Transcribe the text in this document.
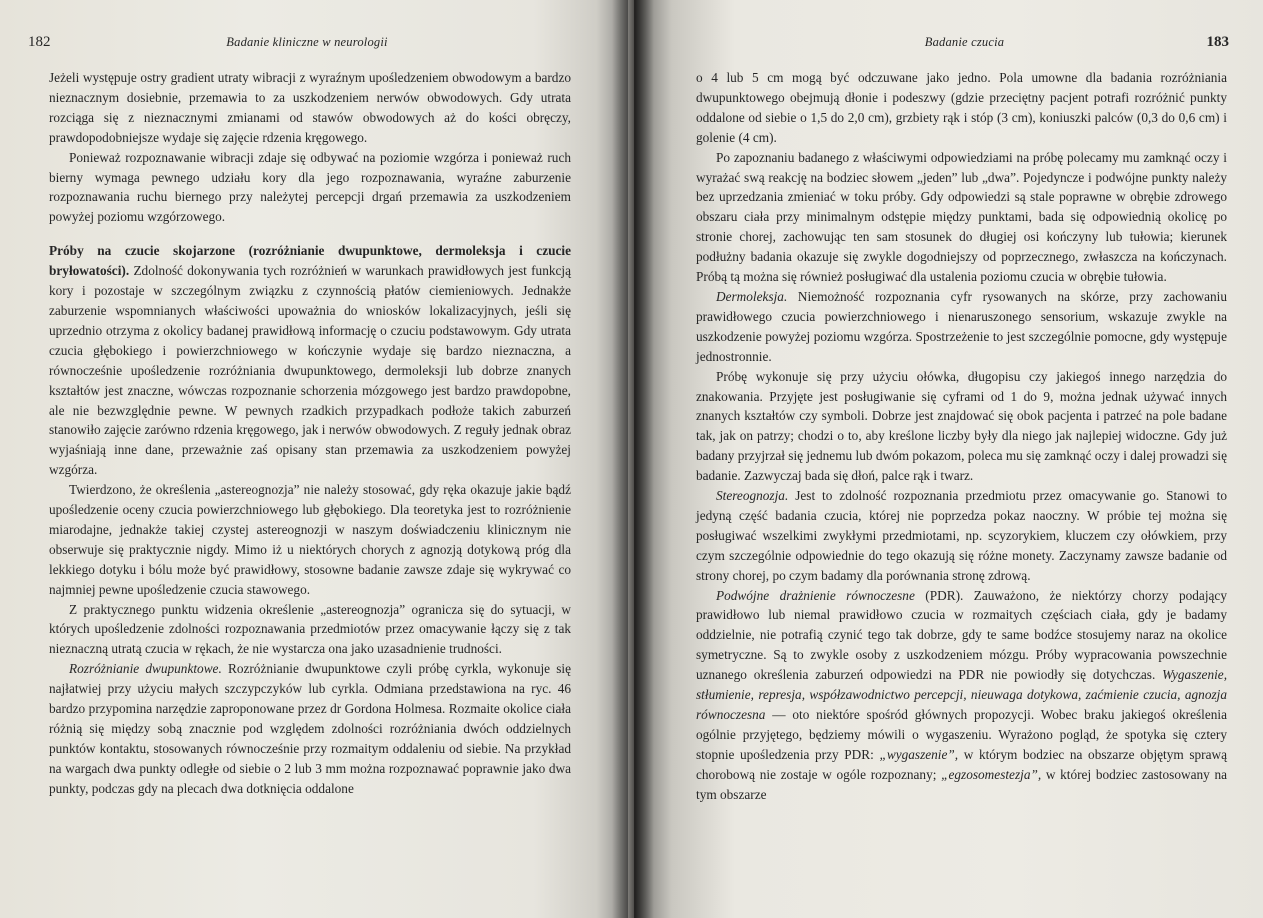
182	Badanie kliniczne w neurologii

Jeżeli występuje ostry gradient utraty wibracji z wyraźnym upośledzeniem obwodowym a bardzo nieznacznym dosiebnie, przemawia to za uszkodzeniem nerwów obwodowych. Gdy utrata rozciąga się z nieznacznymi zmianami od stawów obwodowych aż do kości obręczy, prawdopodobniejsze wydaje się zajęcie rdzenia kręgowego.

Ponieważ rozpoznawanie wibracji zdaje się odbywać na poziomie wzgórza i ponieważ ruch bierny wymaga pewnego udziału kory dla jego rozpoznawania, wyraźne zaburzenie rozpoznawania ruchu biernego przy należytej percepcji drgań przemawia za uszkodzeniem powyżej poziomu wzgórzowego.

Próby na czucie skojarzone (rozróżnianie dwupunktowe, dermoleksja i czucie bryłowatości). Zdolność dokonywania tych rozróżnień w warunkach prawidłowych jest funkcją kory i pozostaje w szczególnym związku z czynnością płatów ciemieniowych. Jednakże zaburzenie wspomnianych właściwości upoważnia do wniosków lokalizacyjnych, jeśli się uprzednio otrzyma z okolicy badanej prawidłową informację o czuciu podstawowym. Gdy utrata czucia głębokiego i powierzchniowego w kończynie wydaje się bardzo nieznaczna, a równocześnie upośledzenie rozróżniania dwupunktowego, dermoleksji lub dobrze znanych kształtów jest znaczne, wówczas rozpoznanie schorzenia mózgowego jest bardzo prawdopobne, ale nie bezwzględnie pewne. W pewnych rzadkich przypadkach podłoże takich zaburzeń stanowiło zajęcie zarówno rdzenia kręgowego, jak i nerwów obwodowych. Z reguły jednak obraz wyjaśniają inne dane, przeważnie zaś opisany stan przemawia za uszkodzeniem powyżej wzgórza.

Twierdzono, że określenia „astereognozja” nie należy stosować, gdy ręka okazuje jakie bądź upośledzenie oceny czucia powierzchniowego lub głębokiego. Dla teoretyka jest to rozróżnienie miarodajne, jednakże takiej czystej astereognozji w naszym doświadczeniu klinicznym nie obserwuje się praktycznie nigdy. Mimo iż u niektórych chorych z agnozją dotykową próg dla lekkiego dotyku i bólu może być prawidłowy, stosowne badanie zawsze zdaje się wykrywać co najmniej pewne upośledzenie czucia stawowego.

Z praktycznego punktu widzenia określenie „astereognozja” ogranicza się do sytuacji, w których upośledzenie zdolności rozpoznawania przedmiotów przez omacywanie łączy się z tak nieznaczną utratą czucia w rękach, że nie wystarcza ona jako uzasadnienie trudności.

Rozróżnianie dwupunktowe. Rozróżnianie dwupunktowe czyli próbę cyrkla, wykonuje się najłatwiej przy użyciu małych szczypczyków lub cyrkla. Odmiana przedstawiona na ryc. 46 bardzo przypomina narzędzie zaproponowane przez dr Gordona Holmesa. Rozmaite okolice ciała różnią się między sobą znacznie pod względem zdolności rozróżniania dwóch oddzielnych punktów kontaktu, stosowanych równocześnie przy rozmaitym oddaleniu od siebie. Na przykład na wargach dwa punkty odległe od siebie o 2 lub 3 mm można rozpoznawać poprawnie jako dwa punkty, podczas gdy na plecach dwa dotknięcia oddalone

Badanie czucia	183

o 4 lub 5 cm mogą być odczuwane jako jedno. Pola umowne dla badania rozróżniania dwupunktowego obejmują dłonie i podeszwy (gdzie przeciętny pacjent potrafi rozróżnić punkty oddalone od siebie o 1,5 do 2,0 cm), grzbiety rąk i stóp (3 cm), koniuszki palców (0,3 do 0,6 cm) i golenie (4 cm).

Po zapoznaniu badanego z właściwymi odpowiedziami na próbę polecamy mu zamknąć oczy i wyrażać swą reakcję na bodziec słowem „jeden” lub „dwa”. Pojedyncze i podwójne punkty należy bez uprzedzania zmieniać w toku próby. Gdy odpowiedzi są stale poprawne w obrębie zdrowego obszaru ciała przy minimalnym odstępie między punktami, bada się odpowiednią okolicę po stronie chorej, zachowując ten sam stosunek do długiej osi kończyny lub tułowia; kierunek podłużny badania okazuje się zwykle dogodniejszy od poprzecznego, zwłaszcza na kończynach. Próbą tą można się również posługiwać dla ustalenia poziomu czucia w obrębie tułowia.

Dermoleksja. Niemożność rozpoznania cyfr rysowanych na skórze, przy zachowaniu prawidłowego czucia powierzchniowego i nienaruszonego sensorium, wskazuje zwykle na uszkodzenie powyżej poziomu wzgórza. Spostrzeżenie to jest szczególnie pomocne, gdy występuje jednostronnie.

Próbę wykonuje się przy użyciu ołówka, długopisu czy jakiegoś innego narzędzia do znakowania. Przyjęte jest posługiwanie się cyframi od 1 do 9, można jednak używać innych znanych kształtów czy symboli. Dobrze jest znajdować się obok pacjenta i patrzeć na pole badane tak, jak on patrzy; chodzi o to, aby kreślone liczby były dla niego jak najlepiej widoczne. Gdy już badany przyjrzał się jednemu lub dwóm pokazom, poleca mu się zamknąć oczy i dalej prowadzi się badanie. Zazwyczaj bada się dłoń, palce rąk i twarz.

Stereognozja. Jest to zdolność rozpoznania przedmiotu przez omacywanie go. Stanowi to jedyną część badania czucia, której nie poprzedza pokaz naoczny. W próbie tej można się posługiwać wszelkimi zwykłymi przedmiotami, np. scyzorykiem, kluczem czy ołówkiem, przy czym szczególnie odpowiednie do tego okazują się różne monety. Zaczynamy zawsze badanie od strony chorej, po czym badamy dla porównania stronę zdrową.

Podwójne drażnienie równoczesne (PDR). Zauważono, że niektórzy chorzy podający prawidłowo lub niemal prawidłowo czucia w rozmaitych częściach ciała, gdy je badamy oddzielnie, nie potrafią czynić tego tak dobrze, gdy te same bodźce stosujemy naraz na okolice symetryczne. Są to zwykle osoby z uszkodzeniem mózgu. Próby wypracowania powszechnie uznanego określenia zaburzeń odpowiedzi na PDR nie powiodły się dotychczas. Wygaszenie, stłumienie, represja, współzawodnictwo percepcji, nieuwaga dotykowa, zaćmienie czucia, agnozja równoczesna — oto niektóre spośród głównych propozycji. Wobec braku jakiegoś określenia ogólnie przyjętego, będziemy mówili o wygaszeniu. Wyrażono pogląd, że spotyka się cztery stopnie upośledzenia przy PDR: „wygaszenie”, w którym bodziec na obszarze objętym sprawą chorobową nie zostaje w ogóle rozpoznany; „egzosomestezja”, w której bodziec zastosowany na tym obszarze
